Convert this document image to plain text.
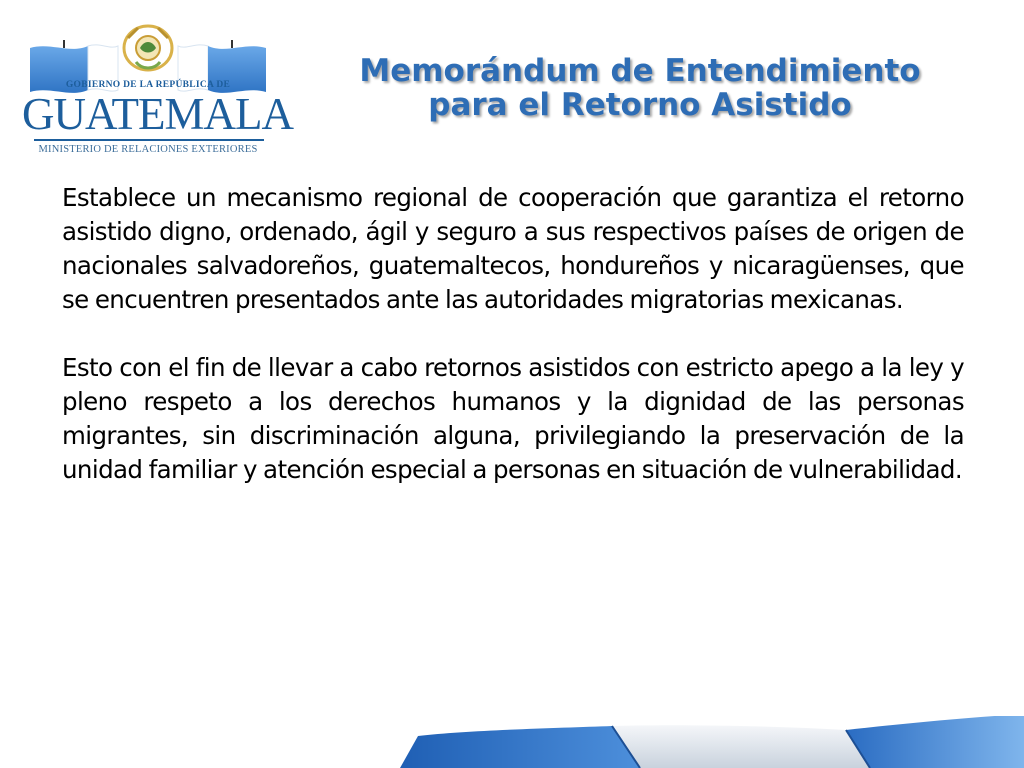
GOBIERNO DE LA REPÚBLICA DE
GUATEMALA
MINISTERIO DE RELACIONES EXTERIORES
Memorándum de Entendimiento
para el Retorno Asistido

Establece un mecanismo regional de cooperación que garantiza el retorno asistido digno, ordenado, ágil y seguro a sus respectivos países de origen de nacionales salvadoreños, guatemaltecos, hondureños y nicaragüenses, que se encuentren presentados ante las autoridades migratorias mexicanas.

Esto con el fin de llevar a cabo retornos asistidos con estricto apego a la ley y pleno respeto a los derechos humanos y la dignidad de las personas migrantes, sin discriminación alguna, privilegiando la preservación de la unidad familiar y atención especial a personas en situación de vulnerabilidad.
